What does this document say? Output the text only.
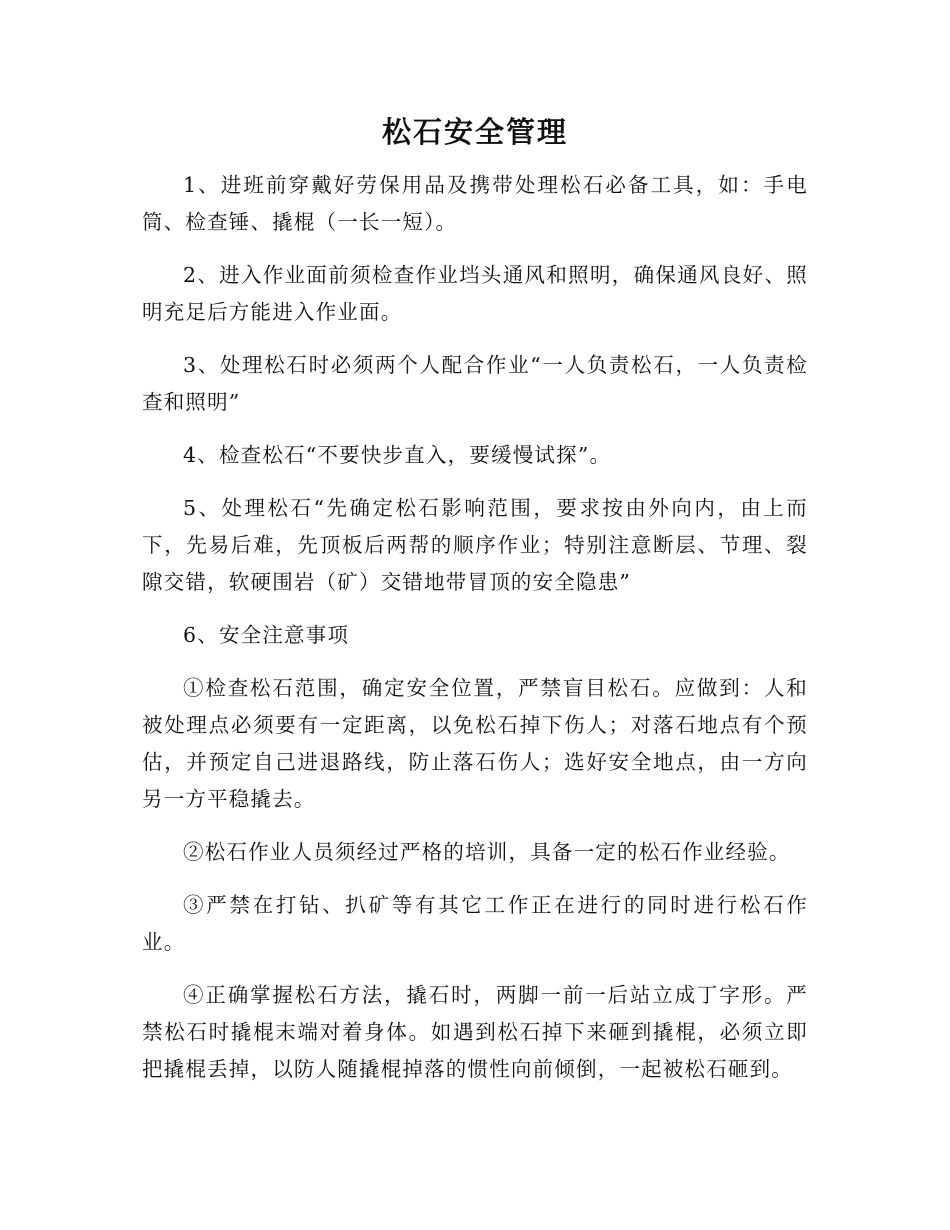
松石安全管理

1、进班前穿戴好劳保用品及携带处理松石必备工具，如：手电筒、检查锤、撬棍（一长一短）。

2、进入作业面前须检查作业垱头通风和照明，确保通风良好、照明充足后方能进入作业面。

3、处理松石时必须两个人配合作业“一人负责松石，一人负责检查和照明”

4、检查松石“不要快步直入，要缓慢试探”。

5、处理松石“先确定松石影响范围，要求按由外向内，由上而下，先易后难，先顶板后两帮的顺序作业；特别注意断层、节理、裂隙交错，软硬围岩（矿）交错地带冒顶的安全隐患”

6、安全注意事项

①检查松石范围，确定安全位置，严禁盲目松石。应做到：人和被处理点必须要有一定距离，以免松石掉下伤人；对落石地点有个预估，并预定自己进退路线，防止落石伤人；选好安全地点，由一方向另一方平稳撬去。

②松石作业人员须经过严格的培训，具备一定的松石作业经验。

③严禁在打钻、扒矿等有其它工作正在进行的同时进行松石作业。

④正确掌握松石方法，撬石时，两脚一前一后站立成丁字形。严禁松石时撬棍末端对着身体。如遇到松石掉下来砸到撬棍，必须立即把撬棍丢掉，以防人随撬棍掉落的惯性向前倾倒，一起被松石砸到。
